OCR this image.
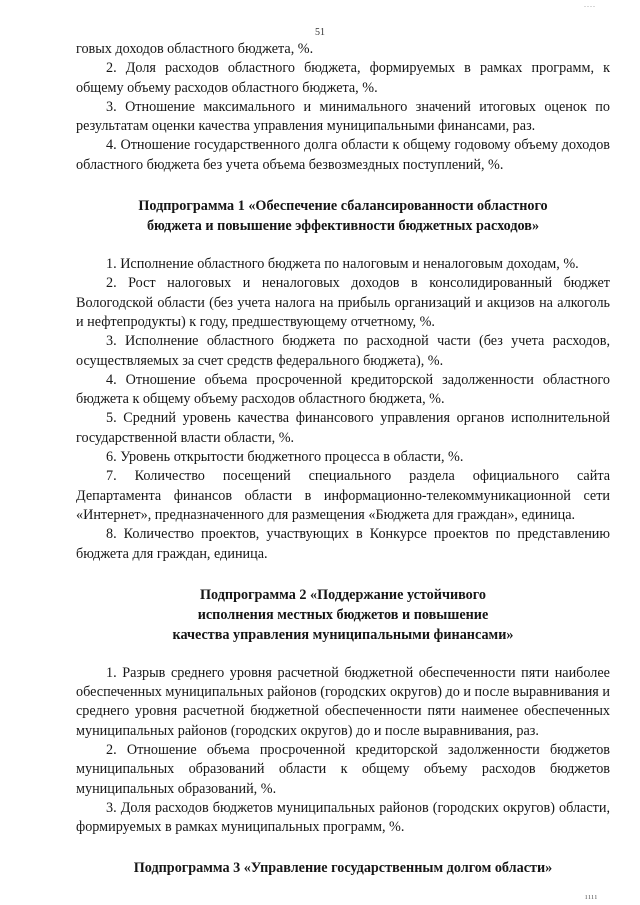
....
51

говых доходов областного бюджета, %.

2. Доля расходов областного бюджета, формируемых в рамках программ, к общему объему расходов областного бюджета, %.

3. Отношение максимального и минимального значений итоговых оценок по результатам оценки качества управления муниципальными финансами, раз.

4. Отношение государственного долга области к общему годовому объему доходов областного бюджета без учета объема безвозмездных поступлений, %.

Подпрограмма 1 «Обеспечение сбалансированности областного
бюджета и повышение эффективности бюджетных расходов»

1. Исполнение областного бюджета по налоговым и неналоговым доходам, %.

2. Рост налоговых и неналоговых доходов в консолидированный бюджет Вологодской области (без учета налога на прибыль организаций и акцизов на алкоголь и нефтепродукты) к году, предшествующему отчетному, %.

3. Исполнение областного бюджета по расходной части (без учета расходов, осуществляемых за счет средств федерального бюджета), %.

4. Отношение объема просроченной кредиторской задолженности областного бюджета к общему объему расходов областного бюджета, %.

5. Средний уровень качества финансового управления органов исполнительной государственной власти области, %.

6. Уровень открытости бюджетного процесса в области, %.

7. Количество посещений специального раздела официального сайта Департамента финансов области в информационно-телекоммуникационной сети «Интернет», предназначенного для размещения «Бюджета для граждан», единица.

8. Количество проектов, участвующих в Конкурсе проектов по представлению бюджета для граждан, единица.

Подпрограмма 2 «Поддержание устойчивого
исполнения местных бюджетов и повышение
качества управления муниципальными финансами»

1. Разрыв среднего уровня расчетной бюджетной обеспеченности пяти наиболее обеспеченных муниципальных районов (городских округов) до и после выравнивания и среднего уровня расчетной бюджетной обеспеченности пяти наименее обеспеченных муниципальных районов (городских округов) до и после выравнивания, раз.

2. Отношение объема просроченной кредиторской задолженности бюджетов муниципальных образований области к общему объему расходов бюджетов муниципальных образований, %.

3. Доля расходов бюджетов муниципальных районов (городских округов) области, формируемых в рамках муниципальных программ, %.

Подпрограмма 3 «Управление государственным долгом области»
ıııı
